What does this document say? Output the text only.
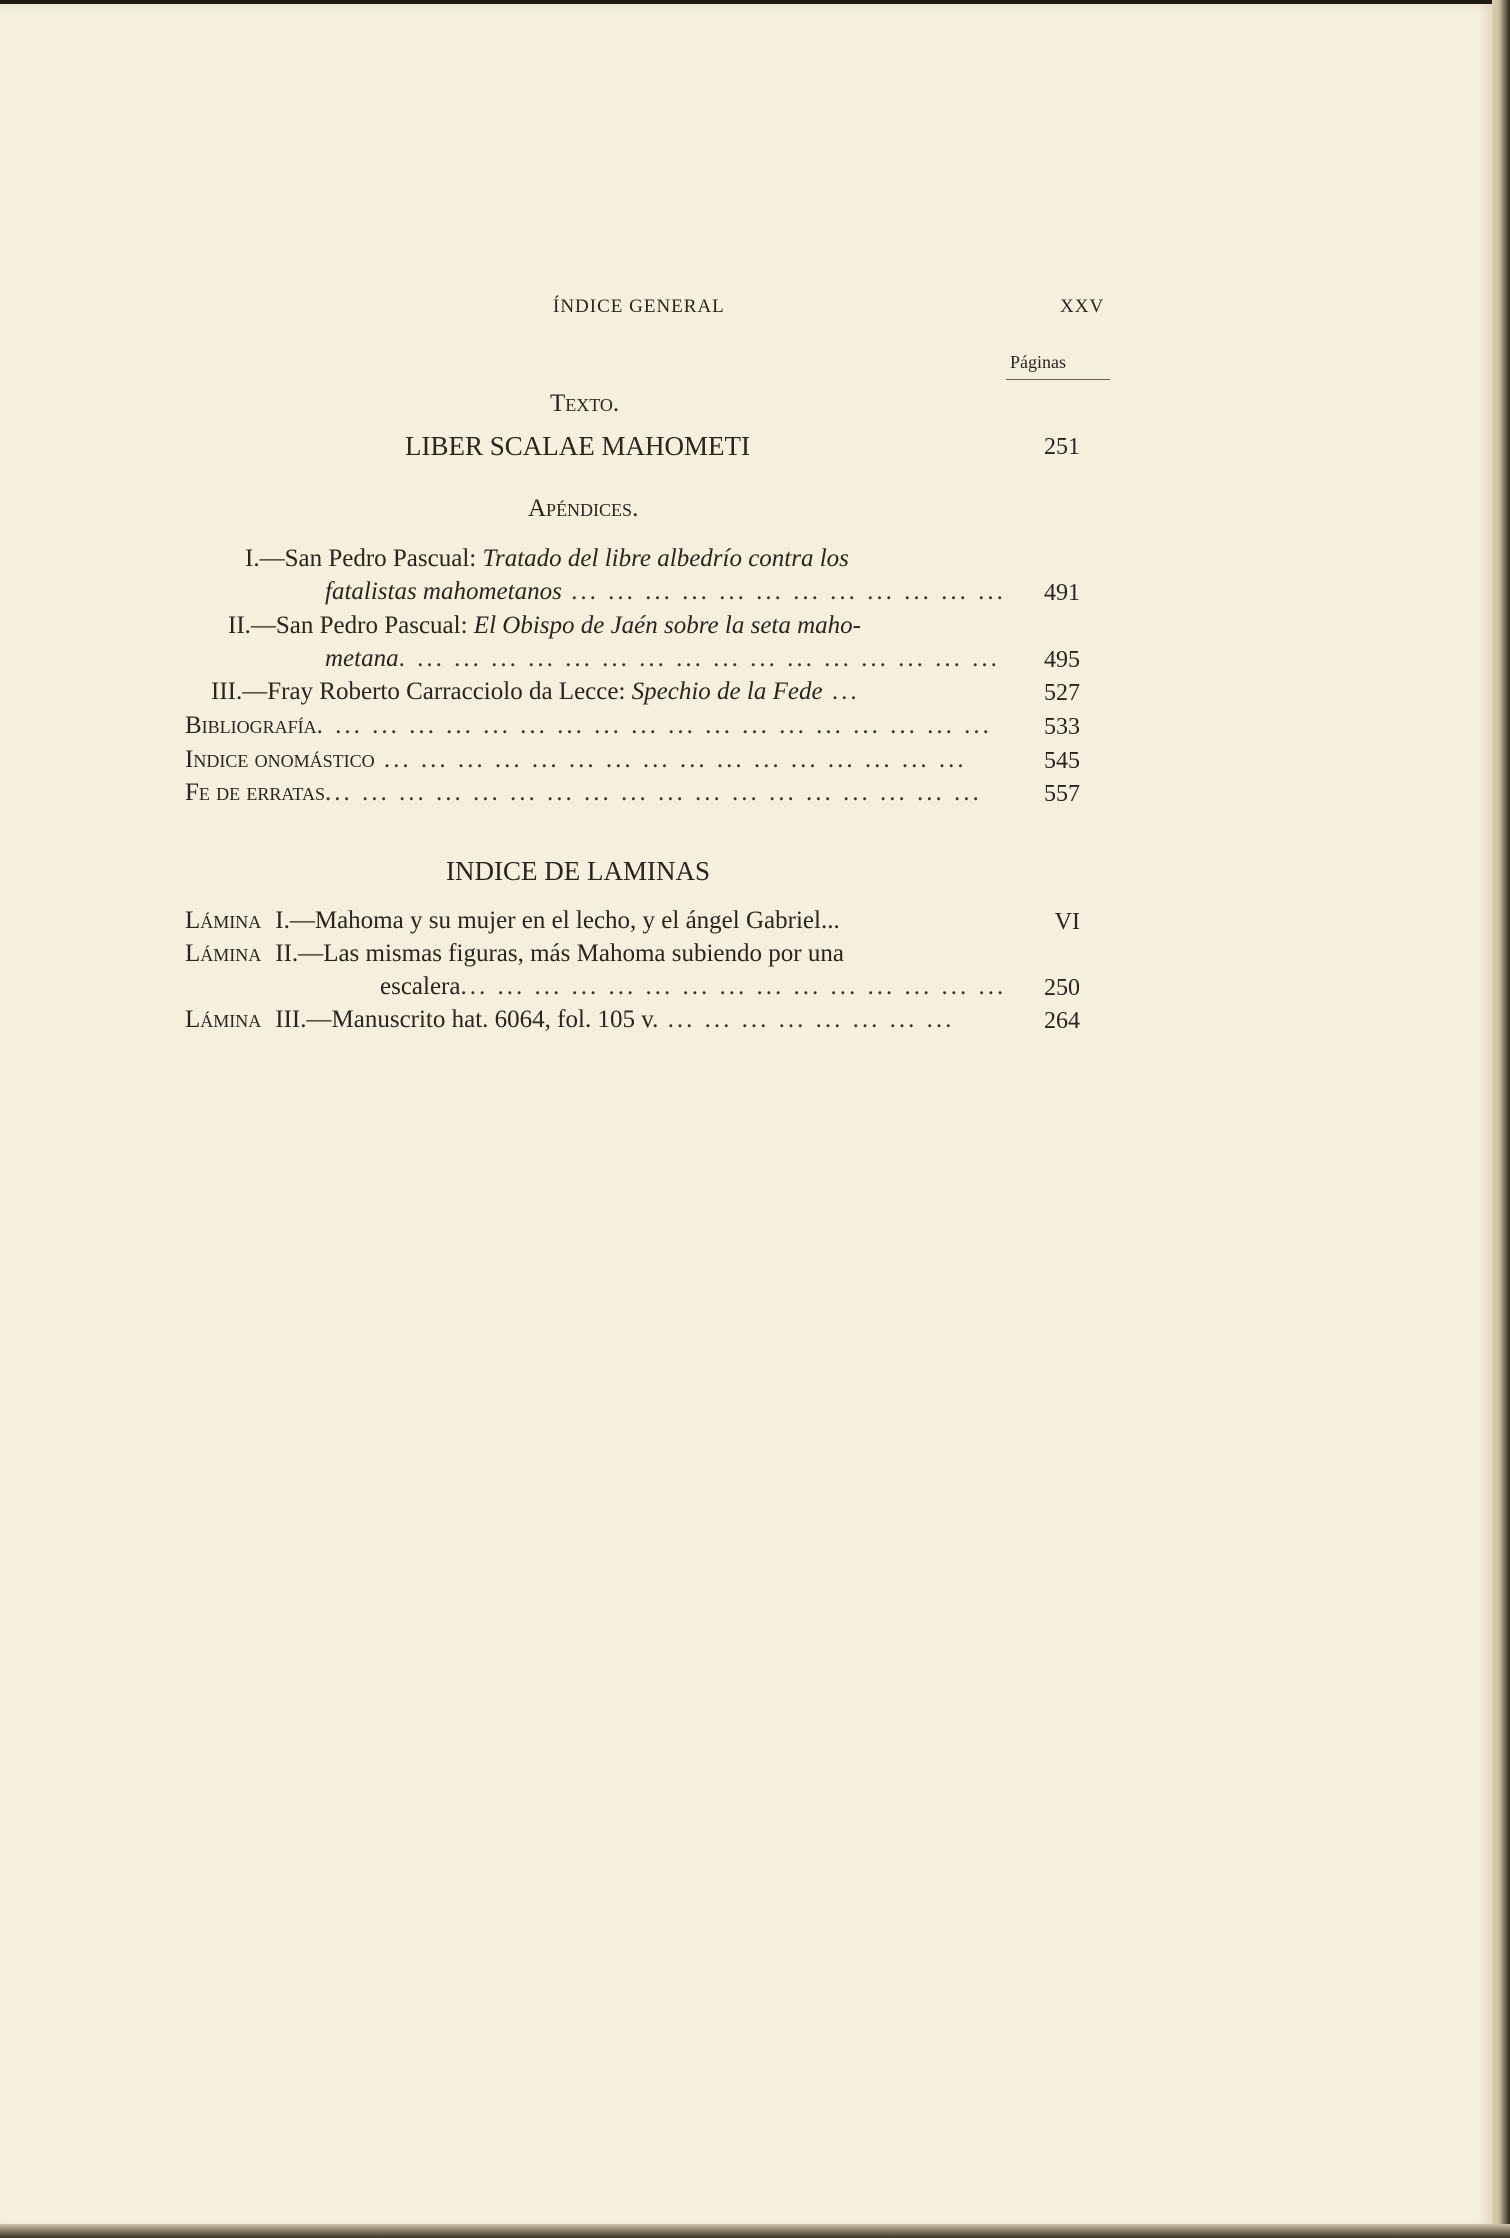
ÍNDICE GENERAL	XXV
Páginas
Texto.
LIBER SCALAE MAHOMETI	251
Apéndices.
I.—San Pedro Pascual: Tratado del libre albedrío contra los
fatalistas mahometanos ... ... ... ... ... ... ... ... ... ... ... ...	491
II.—San Pedro Pascual: El Obispo de Jaén sobre la seta maho-
metana. ... ... ... ... ... ... ... ... ... ... ... ... ... ... ... ...	495
III.—Fray Roberto Carracciolo da Lecce: Spechio de la Fede ...	527
Bibliografía. ... ... ... ... ... ... ... ... ... ... ... ... ... ... ... ... ... ...	533
Indice onomástico ... ... ... ... ... ... ... ... ... ... ... ... ... ... ... ...	545
Fe de erratas... ... ... ... ... ... ... ... ... ... ... ... ... ... ... ... ... ...	557
INDICE DE LAMINAS
Lámina I.—Mahoma y su mujer en el lecho, y el ángel Gabriel...	VI
Lámina II.—Las mismas figuras, más Mahoma subiendo por una
escalera... ... ... ... ... ... ... ... ... ... ... ... ... ... ...	250
Lámina III.—Manuscrito hat. 6064, fol. 105 v. ... ... ... ... ... ... ... ...	264
